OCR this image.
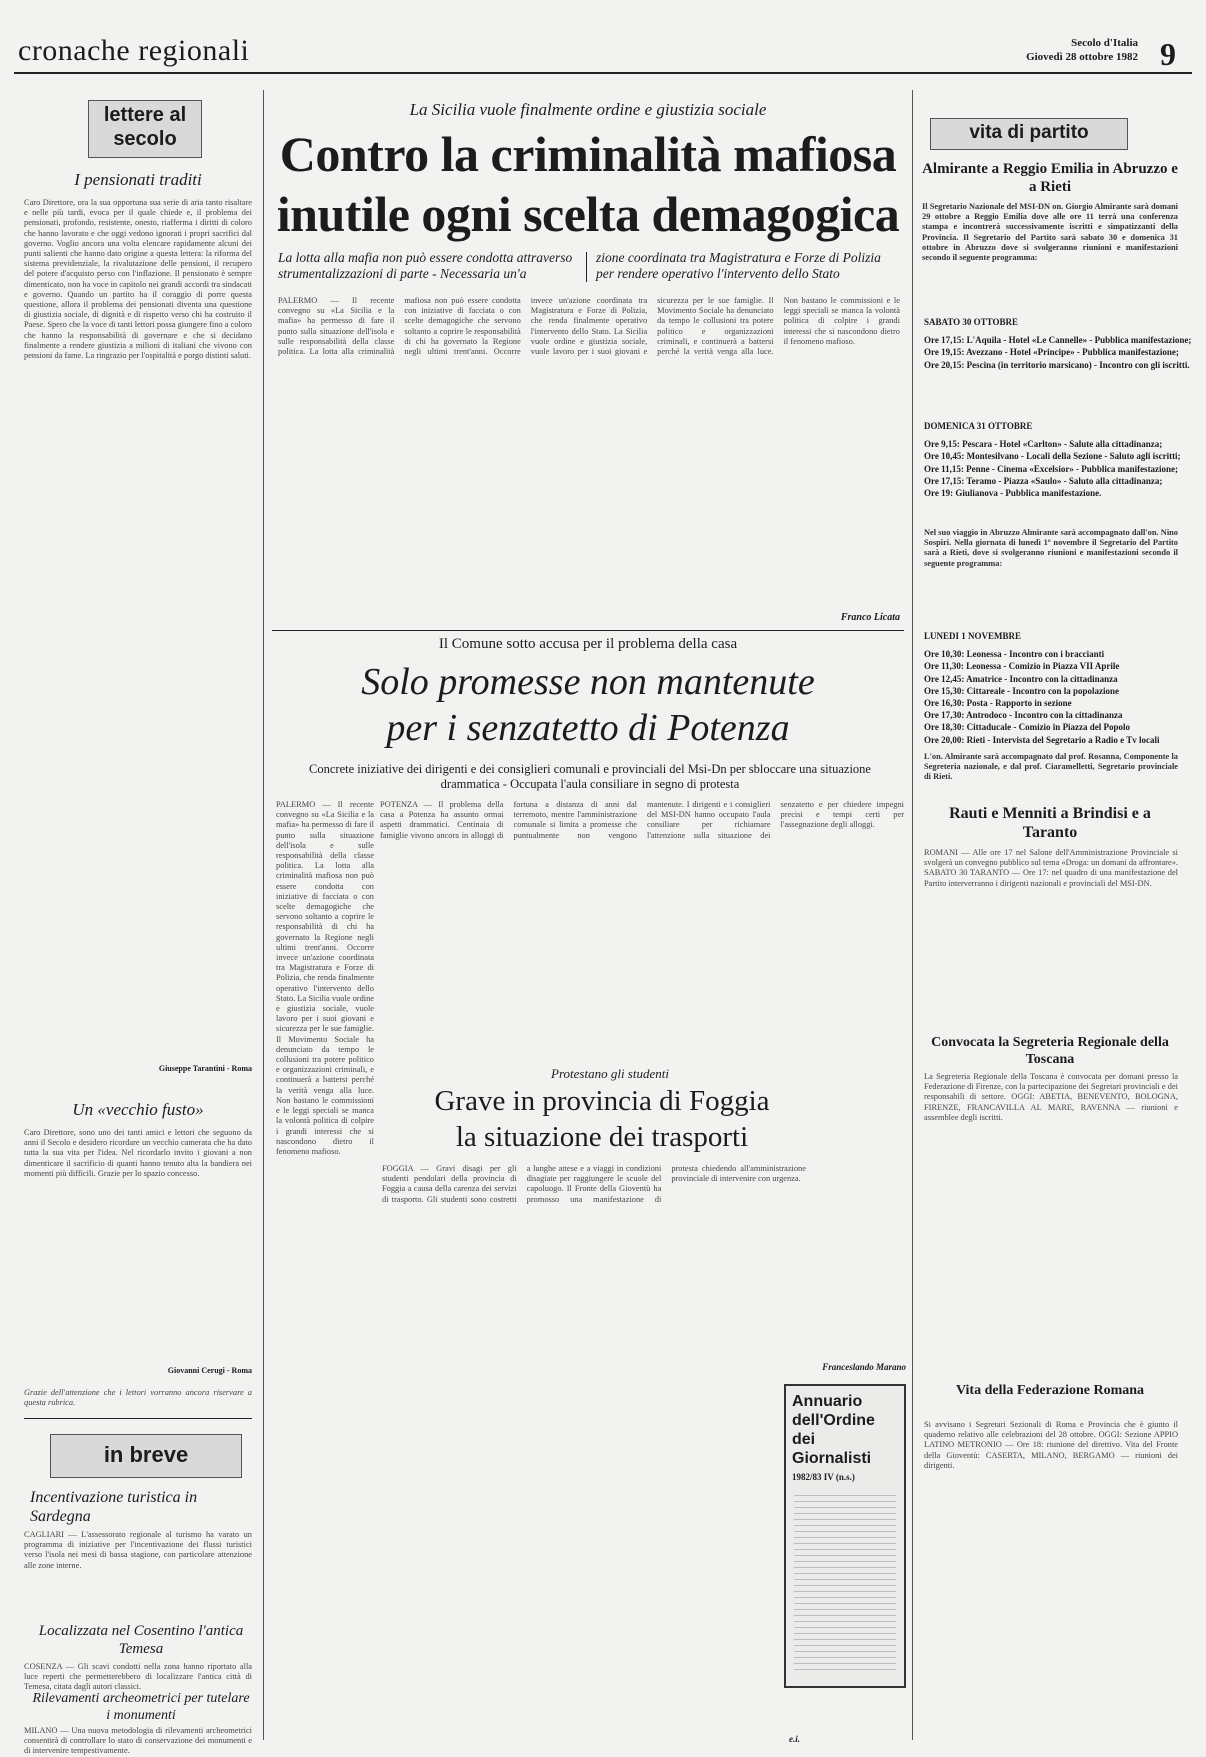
cronache regionali	Secolo d'Italia
Giovedì 28 ottobre 1982 9
lettere al secolo
I pensionati traditi
Caro Direttore, ora la sua opportuna sua serie di aria tanto risaltare e nelle più tardi, evoca per il quale chiede e, il problema dei pensionati, profondo, resistente, onesto, riafferma i diritti di coloro che hanno lavorato e che oggi vedono ignorati i propri sacrifici dal governo. Voglio ancora una volta elencare rapidamente alcuni dei punti salienti che hanno dato origine a questa lettera: la riforma del sistema previdenziale, la rivalutazione delle pensioni, il recupero del potere d'acquisto perso con l'inflazione. Il pensionato è sempre dimenticato, non ha voce in capitolo nei grandi accordi tra sindacati e governo. Quando un partito ha il coraggio di porre questa questione, allora il problema dei pensionati diventa una questione di giustizia sociale, di dignità e di rispetto verso chi ha costruito il Paese. Spero che la voce di tanti lettori possa giungere fino a coloro che hanno la responsabilità di governare e che si decidano finalmente a rendere giustizia a milioni di italiani che vivono con pensioni da fame. La ringrazio per l'ospitalità e porgo distinti saluti.
Giuseppe Tarantini - Roma
Un «vecchio fusto»
Caro Direttore, sono uno dei tanti amici e lettori che seguono da anni il Secolo e desidero ricordare un vecchio camerata che ha dato tutta la sua vita per l'idea. Nel ricordarlo invito i giovani a non dimenticare il sacrificio di quanti hanno tenuto alta la bandiera nei momenti più difficili. Grazie per lo spazio concesso.
Giovanni Cerugi - Roma
Grazie dell'attenzione che i lettori vorranno ancora riservare a questa rubrica.
in breve
Incentivazione turistica in Sardegna
CAGLIARI — L'assessorato regionale al turismo ha varato un programma di iniziative per l'incentivazione dei flussi turistici verso l'isola nei mesi di bassa stagione, con particolare attenzione alle zone interne.
Localizzata nel Cosentino l'antica Temesa
COSENZA — Gli scavi condotti nella zona hanno riportato alla luce reperti che permetterebbero di localizzare l'antica città di Temesa, citata dagli autori classici.
Rilevamenti archeometrici per tutelare i monumenti
MILANO — Una nuova metodologia di rilevamenti archeometrici consentirà di controllare lo stato di conservazione dei monumenti e di intervenire tempestivamente.
La Sicilia vuole finalmente ordine e giustizia sociale
Contro la criminalità mafiosa
inutile ogni scelta demagogica
La lotta alla mafia non può essere condotta attraverso strumentalizzazioni di parte - Necessaria un'a
zione coordinata tra Magistratura e Forze di Polizia per rendere operativo l'intervento dello Stato
PALERMO — Il recente convegno su «La Sicilia e la mafia» ha permesso di fare il punto sulla situazione dell'isola e sulle responsabilità della classe politica. La lotta alla criminalità mafiosa non può essere condotta con iniziative di facciata o con scelte demagogiche che servono soltanto a coprire le responsabilità di chi ha governato la Regione negli ultimi trent'anni. Occorre invece un'azione coordinata tra Magistratura e Forze di Polizia, che renda finalmente operativo l'intervento dello Stato. La Sicilia vuole ordine e giustizia sociale, vuole lavoro per i suoi giovani e sicurezza per le sue famiglie. Il Movimento Sociale ha denunciato da tempo le collusioni tra potere politico e organizzazioni criminali, e continuerà a battersi perché la verità venga alla luce. Non bastano le commissioni e le leggi speciali se manca la volontà politica di colpire i grandi interessi che si nascondono dietro il fenomeno mafioso.
Franco Licata
Il Comune sotto accusa per il problema della casa
Solo promesse non mantenute
per i senzatetto di Potenza
Concrete iniziative dei dirigenti e dei consiglieri comunali e provinciali del Msi-Dn per sbloccare una situazione drammatica - Occupata l'aula consiliare in segno di protesta
POTENZA — Il problema della casa a Potenza ha assunto ormai aspetti drammatici. Centinaia di famiglie vivono ancora in alloggi di fortuna a distanza di anni dal terremoto, mentre l'amministrazione comunale si limita a promesse che puntualmente non vengono mantenute. I dirigenti e i consiglieri del MSI-DN hanno occupato l'aula consiliare per richiamare l'attenzione sulla situazione dei senzatetto e per chiedere impegni precisi e tempi certi per l'assegnazione degli alloggi.
Protestano gli studenti
Grave in provincia di Foggia
la situazione dei trasporti
FOGGIA — Gravi disagi per gli studenti pendolari della provincia di Foggia a causa della carenza dei servizi di trasporto. Gli studenti sono costretti a lunghe attese e a viaggi in condizioni disagiate per raggiungere le scuole del capoluogo. Il Fronte della Gioventù ha promosso una manifestazione di protesta chiedendo all'amministrazione provinciale di intervenire con urgenza.
e.i.
PALERMO — Il recente convegno su «La Sicilia e la mafia» ha permesso di fare il punto sulla situazione dell'isola e sulle responsabilità della classe politica. La lotta alla criminalità mafiosa non può essere condotta con iniziative di facciata o con scelte demagogiche che servono soltanto a coprire le responsabilità di chi ha governato la Regione negli ultimi trent'anni. Occorre invece un'azione coordinata tra Magistratura e Forze di Polizia, che renda finalmente operativo l'intervento dello Stato. La Sicilia vuole ordine e giustizia sociale, vuole lavoro per i suoi giovani e sicurezza per le sue famiglie. Il Movimento Sociale ha denunciato da tempo le collusioni tra potere politico e organizzazioni criminali, e continuerà a battersi perché la verità venga alla luce. Non bastano le commissioni e le leggi speciali se manca la volontà politica di colpire i grandi interessi che si nascondono dietro il fenomeno mafioso.
Franceslando Marano
Annuario
dell'Ordine
dei Giornalisti
1982/83 IV (n.s.)
vita di partito
Almirante a Reggio Emilia in Abruzzo e a Rieti
Il Segretario Nazionale del MSI-DN on. Giorgio Almirante sarà domani 29 ottobre a Reggio Emilia dove alle ore 11 terrà una conferenza stampa e incontrerà successivamente iscritti e simpatizzanti della Provincia. Il Segretario del Partito sarà sabato 30 e domenica 31 ottobre in Abruzzo dove si svolgeranno riunioni e manifestazioni secondo il seguente programma:
SABATO 30 OTTOBRE
Ore 17,15: L'Aquila - Hotel «Le Cannelle» - Pubblica manifestazione;
Ore 19,15: Avezzano - Hotel «Principe» - Pubblica manifestazione;
Ore 20,15: Pescina (in territorio marsicano) - Incontro con gli iscritti.
DOMENICA 31 OTTOBRE
Ore 9,15: Pescara - Hotel «Carlton» - Salute alla cittadinanza;
Ore 10,45: Montesilvano - Locali della Sezione - Saluto agli iscritti;
Ore 11,15: Penne - Cinema «Excelsior» - Pubblica manifestazione;
Ore 17,15: Teramo - Piazza «Saulo» - Saluto alla cittadinanza;
Ore 19: Giulianova - Pubblica manifestazione.
Nel suo viaggio in Abruzzo Almirante sarà accompagnato dall'on. Nino Sospiri. Nella giornata di lunedì 1º novembre il Segretario del Partito sarà a Rieti, dove si svolgeranno riunioni e manifestazioni secondo il seguente programma:
LUNEDI 1 NOVEMBRE
Ore 10,30: Leonessa - Incontro con i braccianti
Ore 11,30: Leonessa - Comizio in Piazza VII Aprile
Ore 12,45: Amatrice - Incontro con la cittadinanza
Ore 15,30: Cittareale - Incontro con la popolazione
Ore 16,30: Posta - Rapporto in sezione
Ore 17,30: Antrodoco - Incontro con la cittadinanza
Ore 18,30: Cittaducale - Comizio in Piazza del Popolo
Ore 20,00: Rieti - Intervista del Segretario a Radio e Tv locali
L'on. Almirante sarà accompagnato dal prof. Rosanna, Componente la Segreteria nazionale, e dal prof. Ciaramelletti, Segretario provinciale di Rieti.
Rauti e Menniti a Brindisi e a Taranto
ROMANI — Alle ore 17 nel Salone dell'Amministrazione Provinciale si svolgerà un convegno pubblico sul tema «Droga: un domani da affrontare». SABATO 30 TARANTO — Ore 17: nel quadro di una manifestazione del Partito interverranno i dirigenti nazionali e provinciali del MSI-DN.
Convocata la Segreteria Regionale della Toscana
La Segreteria Regionale della Toscana è convocata per domani presso la Federazione di Firenze, con la partecipazione dei Segretari provinciali e dei responsabili di settore. OGGI: ABETIA, BENEVENTO, BOLOGNA, FIRENZE, FRANCAVILLA AL MARE, RAVENNA — riunioni e assemblee degli iscritti.
Vita della Federazione Romana
Si avvisano i Segretari Sezionali di Roma e Provincia che è giunto il quaderno relativo alle celebrazioni del 28 ottobre. OGGI: Sezione APPIO LATINO METRONIO — Ore 18: riunione del direttivo. Vita del Fronte della Gioventù: CASERTA, MILANO, BERGAMO — riunioni dei dirigenti.
